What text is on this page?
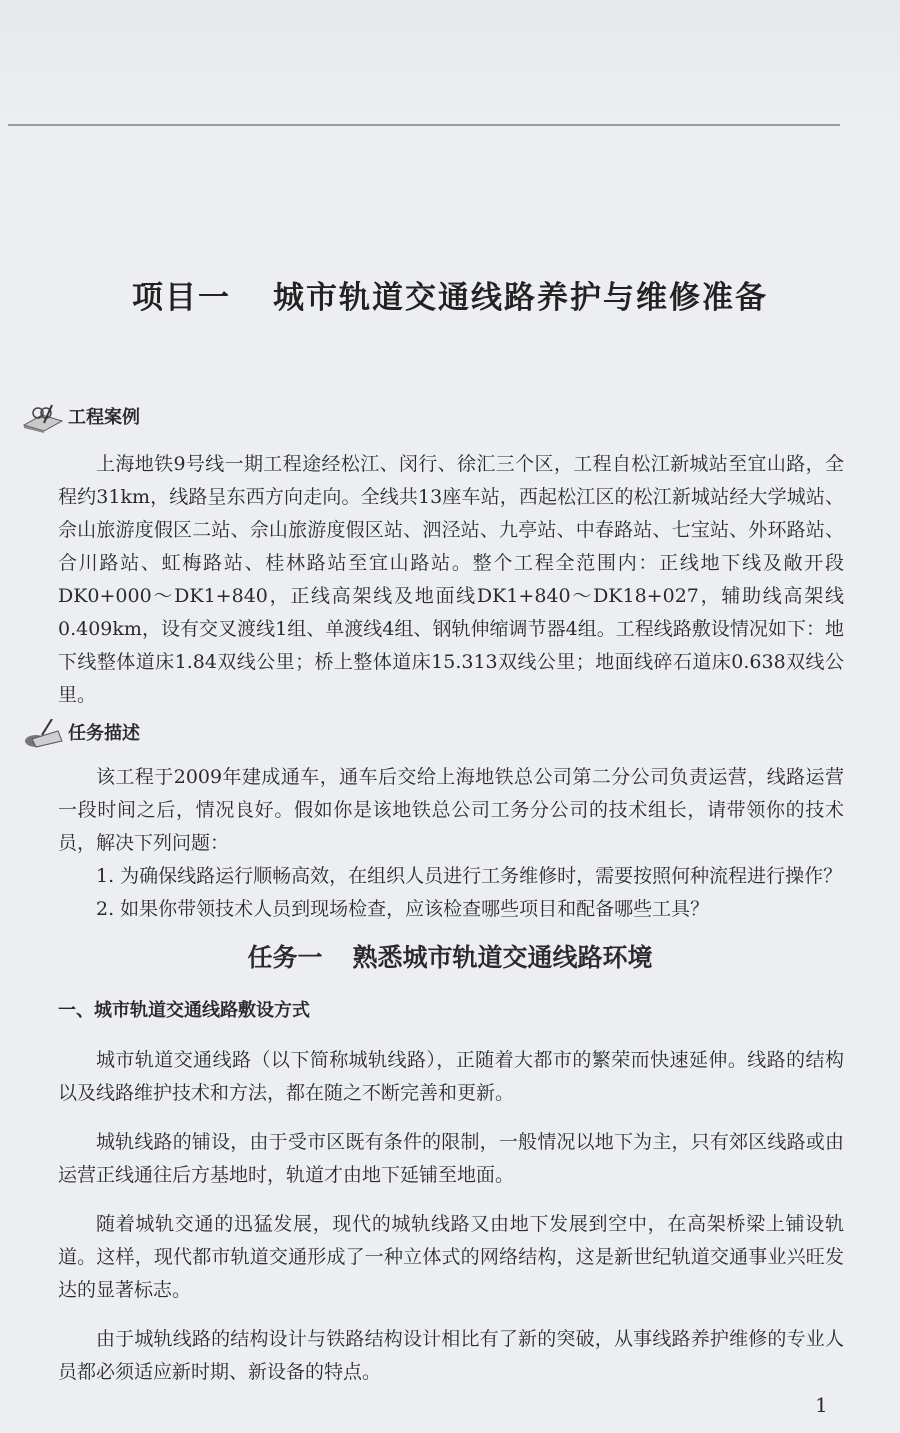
项目一 城市轨道交通线路养护与维修准备
工程案例
上海地铁9号线一期工程途经松江、闵行、徐汇三个区，工程自松江新城站至宜山路，全程约31km，线路呈东西方向走向。全线共13座车站，西起松江区的松江新城站经大学城站、佘山旅游度假区二站、佘山旅游度假区站、泗泾站、九亭站、中春路站、七宝站、外环路站、合川路站、虹梅路站、桂林路站至宜山路站。整个工程全范围内：正线地下线及敞开段DK0+000～DK1+840，正线高架线及地面线DK1+840～DK18+027，辅助线高架线0.409km，设有交叉渡线1组、单渡线4组、钢轨伸缩调节器4组。工程线路敷设情况如下：地下线整体道床1.84双线公里；桥上整体道床15.313双线公里；地面线碎石道床0.638双线公里。
任务描述
该工程于2009年建成通车，通车后交给上海地铁总公司第二分公司负责运营，线路运营一段时间之后，情况良好。假如你是该地铁总公司工务分公司的技术组长，请带领你的技术员，解决下列问题：
1. 为确保线路运行顺畅高效，在组织人员进行工务维修时，需要按照何种流程进行操作？
2. 如果你带领技术人员到现场检查，应该检查哪些项目和配备哪些工具？
任务一 熟悉城市轨道交通线路环境
一、城市轨道交通线路敷设方式
城市轨道交通线路（以下简称城轨线路），正随着大都市的繁荣而快速延伸。线路的结构以及线路维护技术和方法，都在随之不断完善和更新。
城轨线路的铺设，由于受市区既有条件的限制，一般情况以地下为主，只有郊区线路或由运营正线通往后方基地时，轨道才由地下延铺至地面。
随着城轨交通的迅猛发展，现代的城轨线路又由地下发展到空中，在高架桥梁上铺设轨道。这样，现代都市轨道交通形成了一种立体式的网络结构，这是新世纪轨道交通事业兴旺发达的显著标志。
由于城轨线路的结构设计与铁路结构设计相比有了新的突破，从事线路养护维修的专业人员都必须适应新时期、新设备的特点。
1
